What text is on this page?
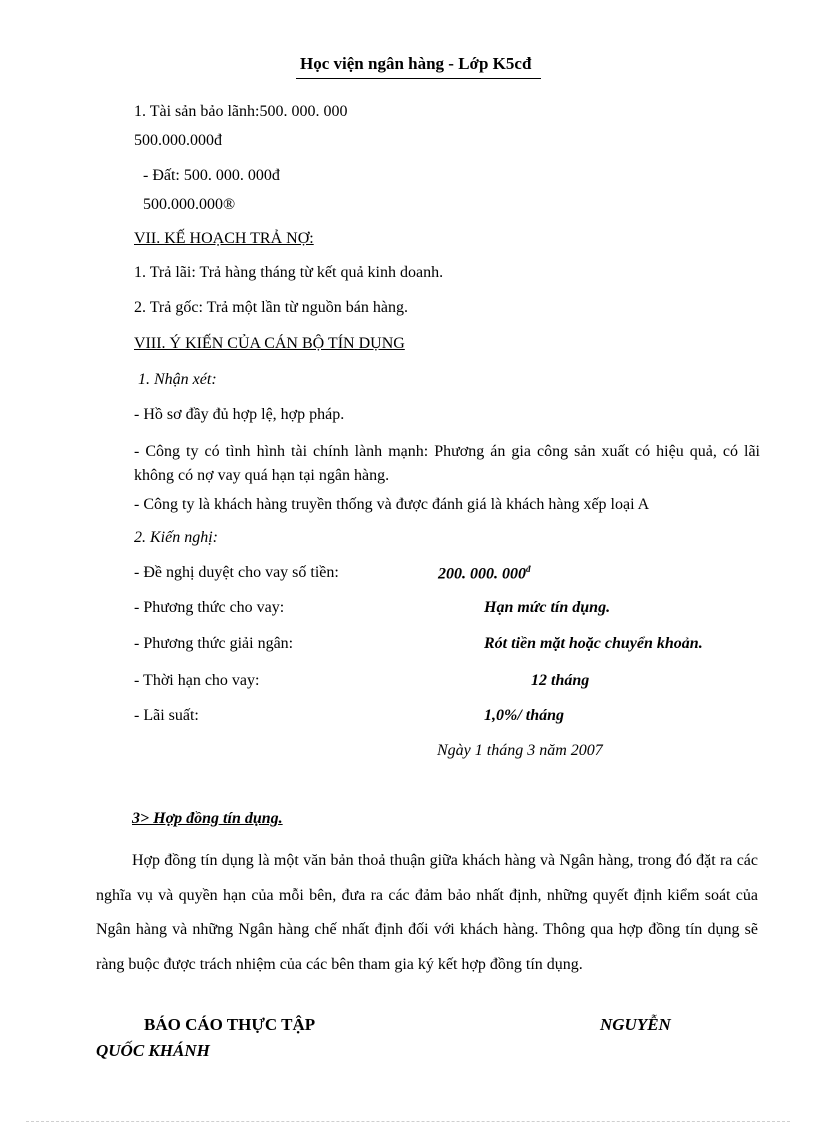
Học viện ngân hàng - Lớp K5cđ
1. Tài sản bảo lãnh:500. 000. 000
500.000.000đ
- Đất: 500. 000. 000đ
500.000.000®
VII. KẾ HOẠCH TRẢ NỢ:
1. Trả lãi: Trả hàng tháng từ kết quả kinh doanh.
2. Trả gốc: Trả một lần từ nguồn bán hàng.
VIII. Ý KIẾN CỦA CÁN BỘ TÍN DỤNG
1. Nhận xét:
- Hồ sơ đầy đủ hợp lệ, hợp pháp.
- Công ty có tình hình tài chính lành mạnh: Phương án gia công sản xuất có hiệu quả, có lãi không có nợ vay quá hạn tại ngân hàng.
- Công ty là khách hàng truyền thống và được đánh giá là khách hàng xếp loại A
2. Kiến nghị:
- Đề nghị duyệt cho vay số tiền:	200. 000. $000^đ$
- Phương thức cho vay:	Hạn mức tín dụng.
- Phương thức giải ngân:	Rót tiền mặt hoặc chuyển khoản.
- Thời hạn cho vay:	12 tháng
- Lãi suất:	1,0%/ tháng
Ngày 1 tháng 3 năm 2007
3> Hợp đồng tín dụng.
Hợp đồng tín dụng là một văn bản thoả thuận giữa khách hàng và Ngân hàng, trong đó đặt ra các nghĩa vụ và quyền hạn của mỗi bên, đưa ra các đảm bảo nhất định, những quyết định kiểm soát của Ngân hàng và những Ngân hàng chế nhất định đối với khách hàng. Thông qua hợp đồng tín dụng sẽ ràng buộc được trách nhiệm của các bên tham gia ký kết hợp đồng tín dụng.
BÁO CÁO THỰC TẬP	NGUYỄN
QUỐC KHÁNH
